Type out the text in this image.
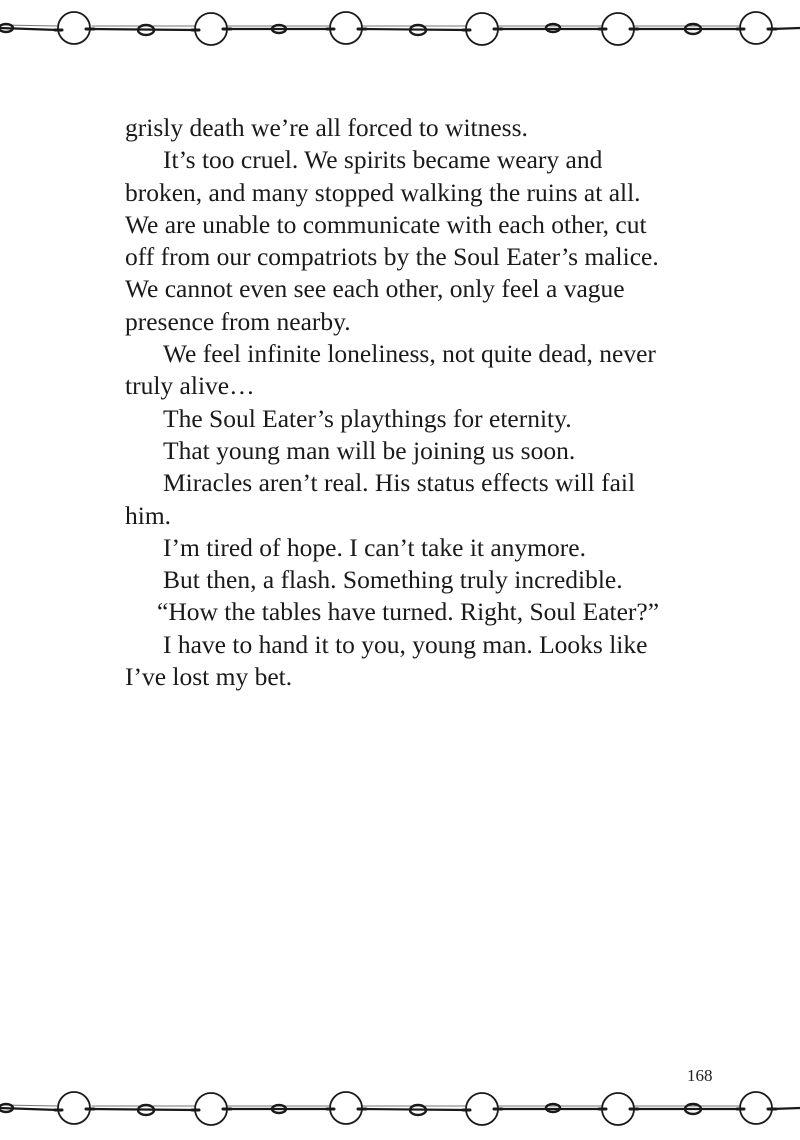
grisly death we’re all forced to witness.
It’s too cruel. We spirits became weary and
broken, and many stopped walking the ruins at all.
We are unable to communicate with each other, cut
off from our compatriots by the Soul Eater’s malice.
We cannot even see each other, only feel a vague
presence from nearby.
We feel infinite loneliness, not quite dead, never
truly alive…
The Soul Eater’s playthings for eternity.
That young man will be joining us soon.
Miracles aren’t real. His status effects will fail
him.
I’m tired of hope. I can’t take it anymore.
But then, a flash. Something truly incredible.
“How the tables have turned. Right, Soul Eater?”
I have to hand it to you, young man. Looks like
I’ve lost my bet.
168
